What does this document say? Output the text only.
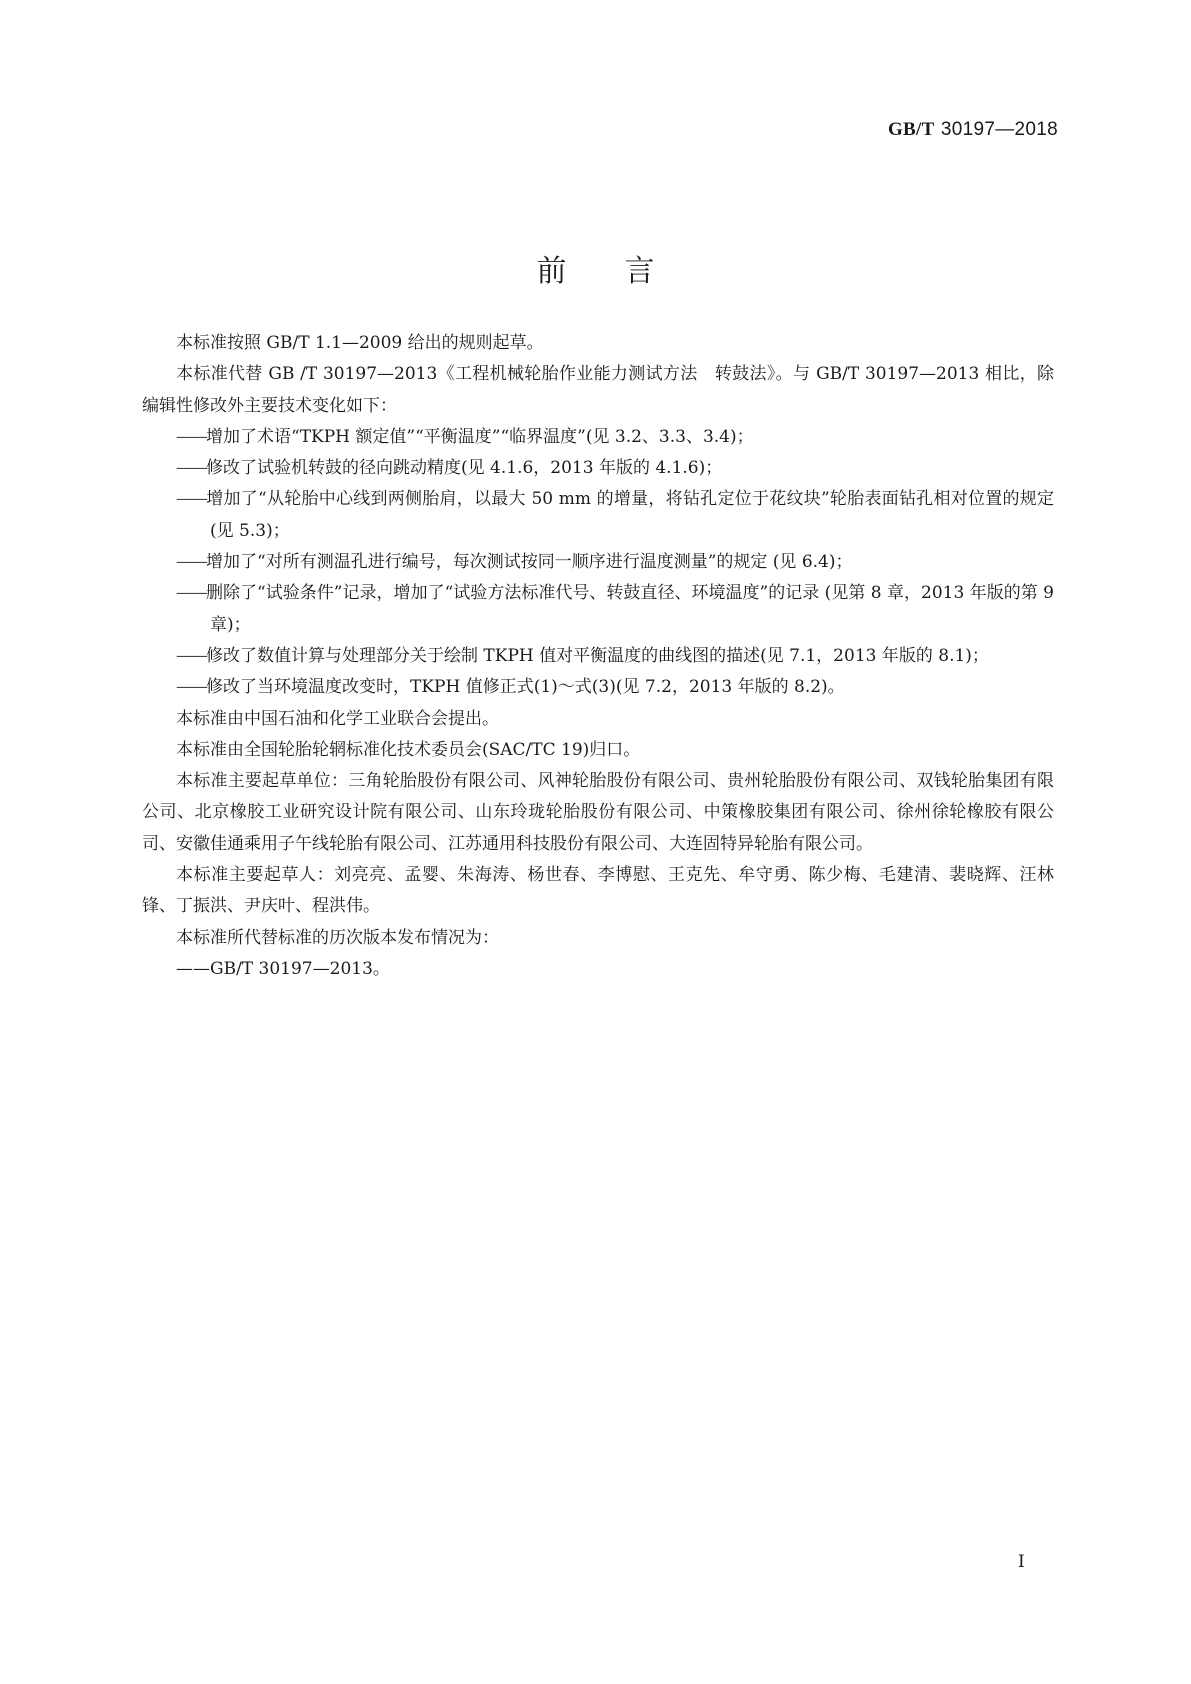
GB/T 30197—2018
前言

本标准按照 GB/T 1.1—2009 给出的规则起草。

本标准代替 GB /T 30197—2013《工程机械轮胎作业能力测试方法　转鼓法》。与 GB/T 30197—2013 相比，除编辑性修改外主要技术变化如下：

——增加了术语“TKPH 额定值”“平衡温度”“临界温度”(见 3.2、3.3、3.4)；

——修改了试验机转鼓的径向跳动精度(见 4.1.6，2013 年版的 4.1.6)；

——增加了“从轮胎中心线到两侧胎肩，以最大 50 mm 的增量，将钻孔定位于花纹块”轮胎表面钻孔相对位置的规定 (见 5.3)；

——增加了“对所有测温孔进行编号，每次测试按同一顺序进行温度测量”的规定 (见 6.4)；

——删除了“试验条件”记录，增加了“试验方法标准代号、转鼓直径、环境温度”的记录 (见第 8 章，2013 年版的第 9 章)；

——修改了数值计算与处理部分关于绘制 TKPH 值对平衡温度的曲线图的描述(见 7.1，2013 年版的 8.1)；

——修改了当环境温度改变时，TKPH 值修正式(1)～式(3)(见 7.2，2013 年版的 8.2)。

本标准由中国石油和化学工业联合会提出。

本标准由全国轮胎轮辋标准化技术委员会(SAC/TC 19)归口。

本标准主要起草单位：三角轮胎股份有限公司、风神轮胎股份有限公司、贵州轮胎股份有限公司、双钱轮胎集团有限公司、北京橡胶工业研究设计院有限公司、山东玲珑轮胎股份有限公司、中策橡胶集团有限公司、徐州徐轮橡胶有限公司、安徽佳通乘用子午线轮胎有限公司、江苏通用科技股份有限公司、大连固特异轮胎有限公司。

本标准主要起草人：刘亮亮、孟婴、朱海涛、杨世春、李博慰、王克先、牟守勇、陈少梅、毛建清、裴晓辉、汪林锋、丁振洪、尹庆叶、程洪伟。

本标准所代替标准的历次版本发布情况为：

——GB/T 30197—2013。

I
